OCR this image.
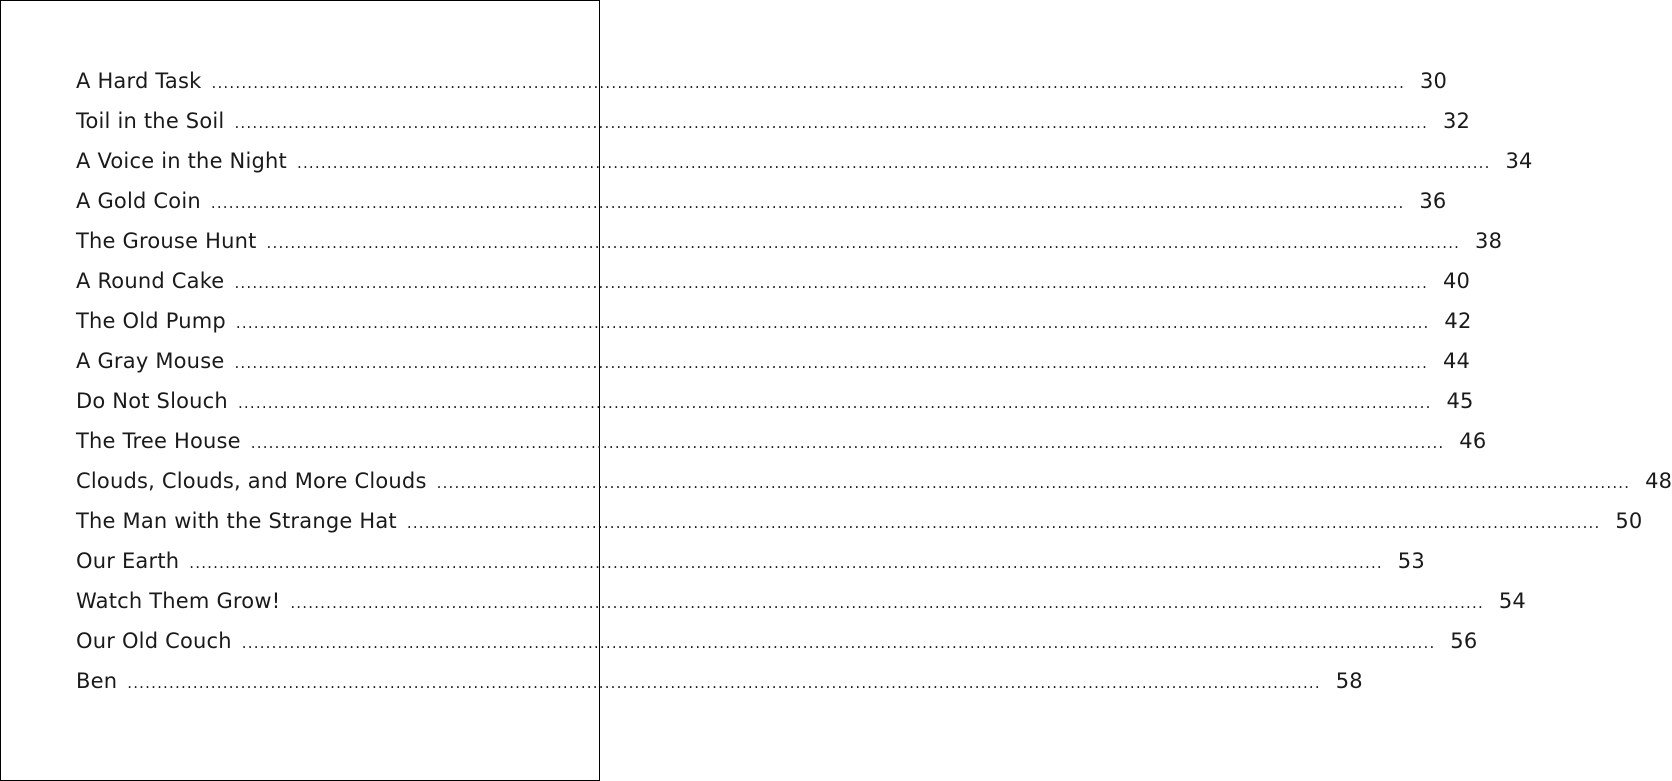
A Hard Task ........................................................................................................................................................................................................ 30
Toil in the Soil ........................................................................................................................................................................................................ 32
A Voice in the Night ........................................................................................................................................................................................................ 34
A Gold Coin ........................................................................................................................................................................................................ 36
The Grouse Hunt ........................................................................................................................................................................................................ 38
A Round Cake ........................................................................................................................................................................................................ 40
The Old Pump ........................................................................................................................................................................................................ 42
A Gray Mouse ........................................................................................................................................................................................................ 44
Do Not Slouch ........................................................................................................................................................................................................ 45
The Tree House ........................................................................................................................................................................................................ 46
Clouds, Clouds, and More Clouds ........................................................................................................................................................................................................ 48
The Man with the Strange Hat ........................................................................................................................................................................................................ 50
Our Earth ........................................................................................................................................................................................................ 53
Watch Them Grow! ........................................................................................................................................................................................................ 54
Our Old Couch ........................................................................................................................................................................................................ 56
Ben ........................................................................................................................................................................................................ 58
